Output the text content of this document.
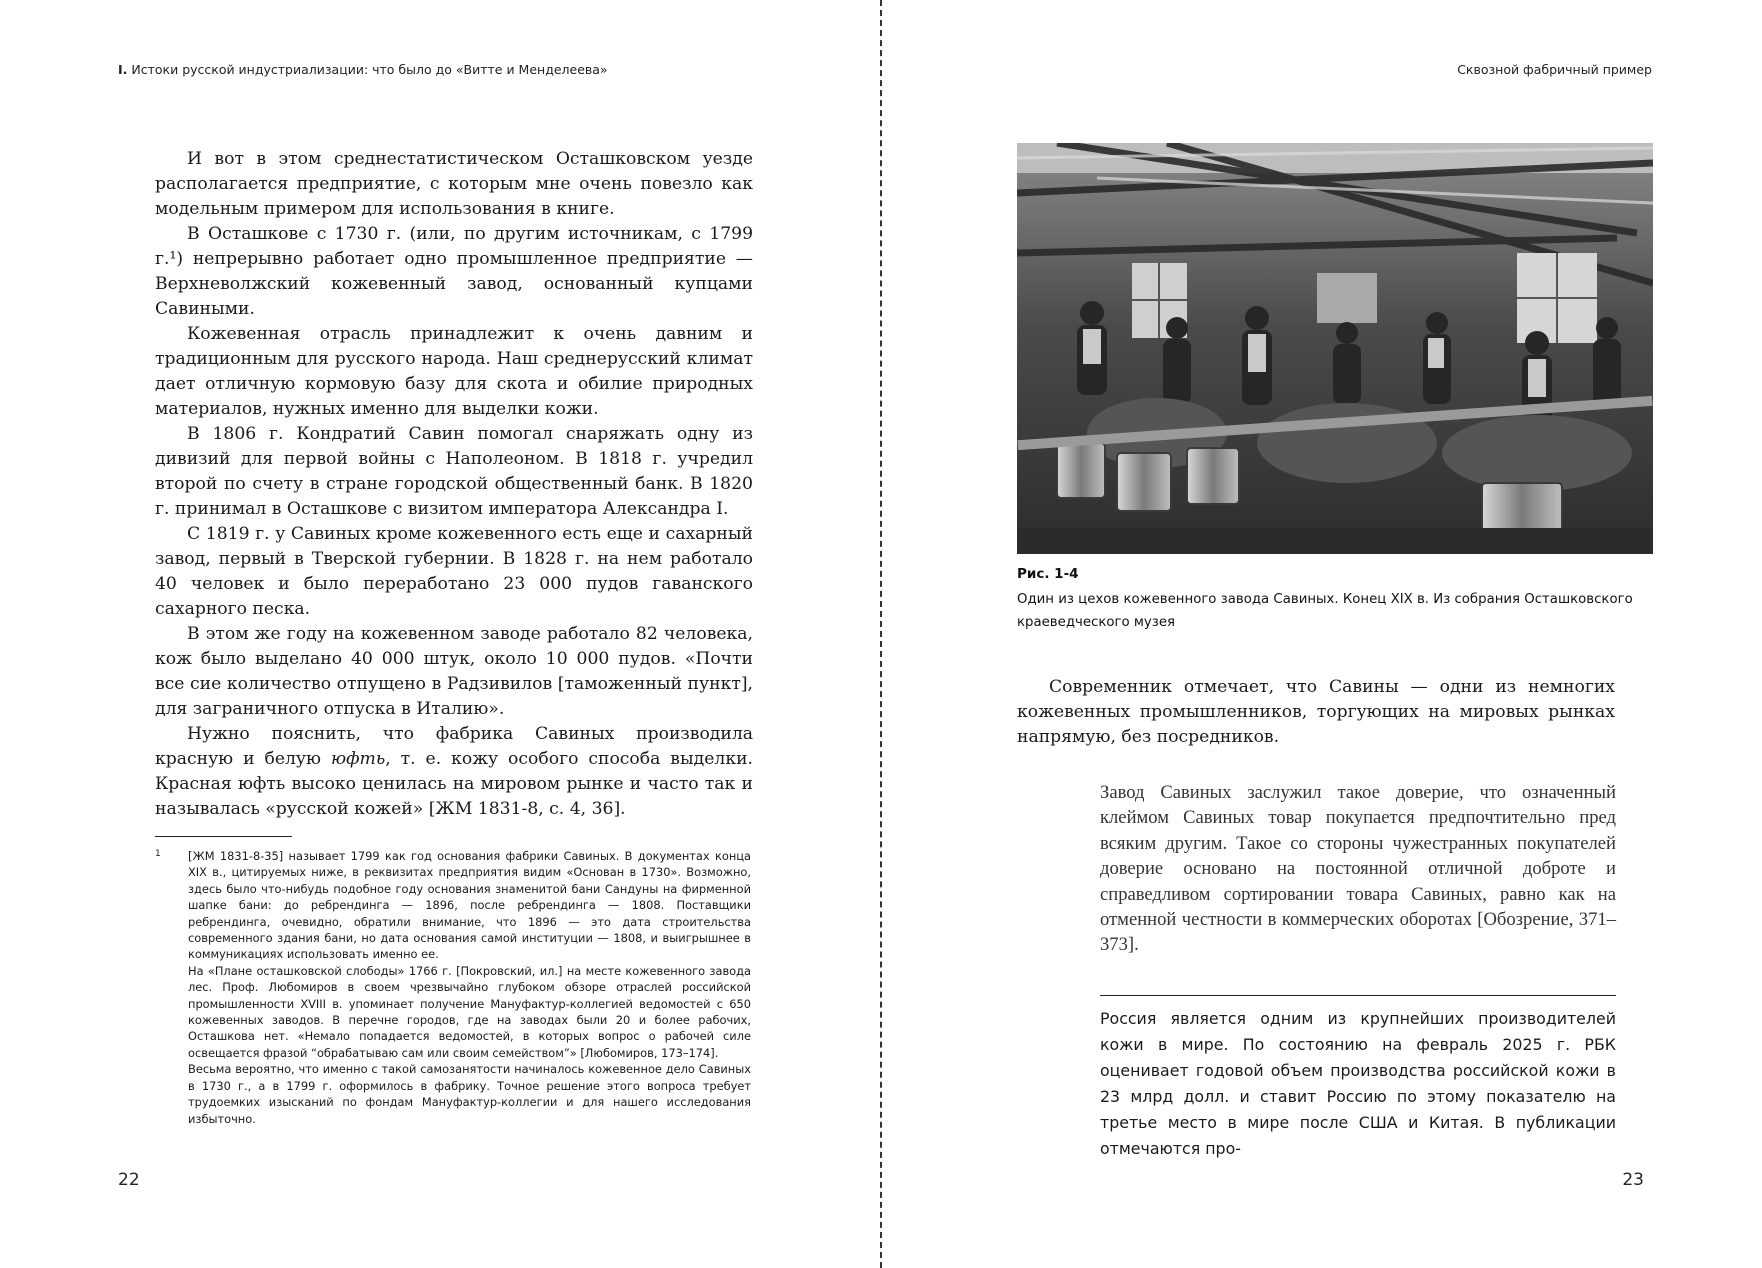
I. Истоки русской индустриализации: что было до «Витте и Менделеева»

И вот в этом среднестатистическом Осташковском уезде располагается предприятие, с которым мне очень повезло как модельным примером для использования в книге.

В Осташкове с 1730 г. (или, по другим источникам, с 1799 г.¹) непрерывно работает одно промышленное предприятие — Верхневолжский кожевенный завод, основанный купцами Савиными.

Кожевенная отрасль принадлежит к очень давним и традиционным для русского народа. Наш среднерусский климат дает отличную кормовую базу для скота и обилие природных материалов, нужных именно для выделки кожи.

В 1806 г. Кондратий Савин помогал снаряжать одну из дивизий для первой войны с Наполеоном. В 1818 г. учредил второй по счету в стране городской общественный банк. В 1820 г. принимал в Осташкове с визитом императора Александра I.

С 1819 г. у Савиных кроме кожевенного есть еще и сахарный завод, первый в Тверской губернии. В 1828 г. на нем работало 40 человек и было переработано 23 000 пудов гаванского сахарного песка.

В этом же году на кожевенном заводе работало 82 человека, кож было выделано 40 000 штук, около 10 000 пудов. «Почти все сие количество отпущено в Радзивилов [таможенный пункт], для заграничного отпуска в Италию».

Нужно пояснить, что фабрика Савиных производила красную и белую юфть, т. е. кожу особого способа выделки. Красная юфть высоко ценилась на мировом рынке и часто так и называлась «русской кожей» [ЖМ 1831-8, с. 4, 36].

1 [ЖМ 1831-8-35] называет 1799 как год основания фабрики Савиных. В документах конца XIX в., цитируемых ниже, в реквизитах предприятия видим «Основан в 1730». Возможно, здесь было что-нибудь подобное году основания знаменитой бани Сандуны на фирменной шапке бани: до ребрендинга — 1896, после ребрендинга — 1808. Поставщики ребрендинга, очевидно, обратили внимание, что 1896 — это дата строительства современного здания бани, но дата основания самой институции — 1808, и выигрышнее в коммуникациях использовать именно ее.

На «Плане осташковской слободы» 1766 г. [Покровский, ил.] на месте кожевенного завода лес. Проф. Любомиров в своем чрезвычайно глубоком обзоре отраслей российской промышленности XVIII в. упоминает получение Мануфактур-коллегией ведомостей с 650 кожевенных заводов. В перечне городов, где на заводах были 20 и более рабочих, Осташкова нет. «Немало попадается ведомостей, в которых вопрос о рабочей силе освещается фразой “обрабатываю сам или своим семейством”» [Любомиров, 173–174].

Весьма вероятно, что именно с такой самозанятости начиналось кожевенное дело Савиных в 1730 г., а в 1799 г. оформилось в фабрику. Точное решение этого вопроса требует трудоемких изысканий по фондам Мануфактур-коллегии и для нашего исследования избыточно.

22
Сквозной фабричный пример
Рис. 1-4
Один из цехов кожевенного завода Савиных. Конец XIX в. Из собрания Осташковского краеведческого музея

Современник отмечает, что Савины — одни из немногих кожевенных промышленников, торгующих на мировых рынках напрямую, без посредников.

Завод Савиных заслужил такое доверие, что означенный клеймом Савиных товар покупается предпочтительно пред всяким другим. Такое со стороны чужестранных покупателей доверие основано на постоянной отличной доброте и справедливом сортировании товара Савиных, равно как на отменной честности в коммерческих оборотах [Обозрение, 371–373].

Россия является одним из крупнейших производителей кожи в мире. По состоянию на февраль 2025 г. РБК оценивает годовой объем производства российской кожи в 23 млрд долл. и ставит Россию по этому показателю на третье место в мире после США и Китая. В публикации отмечаются про-

23
